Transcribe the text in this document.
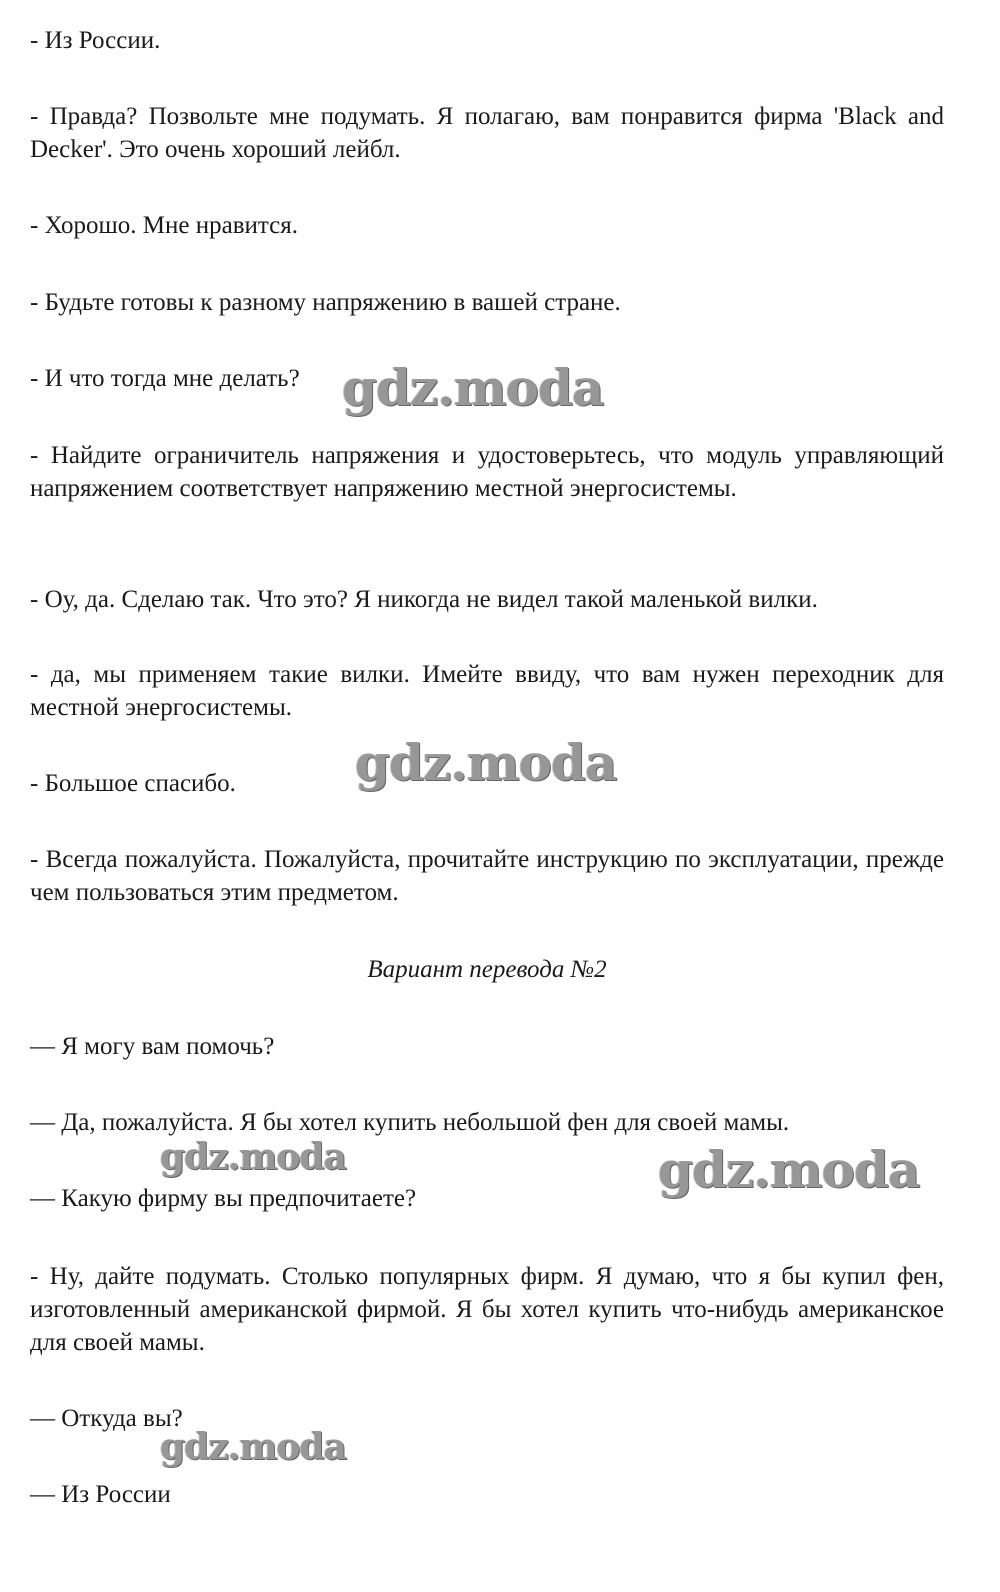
- Из России.

- Правда? Позвольте мне подумать. Я полагаю, вам понравится фирма 'Black and Decker'. Это очень хороший лейбл.

- Хорошо. Мне нравится.

- Будьте готовы к разному напряжению в вашей стране.

- И что тогда мне делать?

- Найдите ограничитель напряжения и удостоверьтесь, что модуль управляющий напряжением соответствует напряжению местной энергосистемы.

- Оу, да. Сделаю так. Что это? Я никогда не видел такой маленькой вилки.

- да, мы применяем такие вилки. Имейте ввиду, что вам нужен переходник для местной энергосистемы.

- Большое спасибо.

- Всегда пожалуйста. Пожалуйста, прочитайте инструкцию по эксплуатации, прежде чем пользоваться этим предметом.

Вариант перевода №2

— Я могу вам помочь?

— Да, пожалуйста. Я бы хотел купить небольшой фен для своей мамы.

— Какую фирму вы предпочитаете?

- Ну, дайте подумать. Столько популярных фирм. Я думаю, что я бы купил фен, изготовленный американской фирмой. Я бы хотел купить что-нибудь американское для своей мамы.

— Откуда вы?

— Из России

gdz.moda
gdz.moda
gdz.moda	gdz.moda
gdz.moda
